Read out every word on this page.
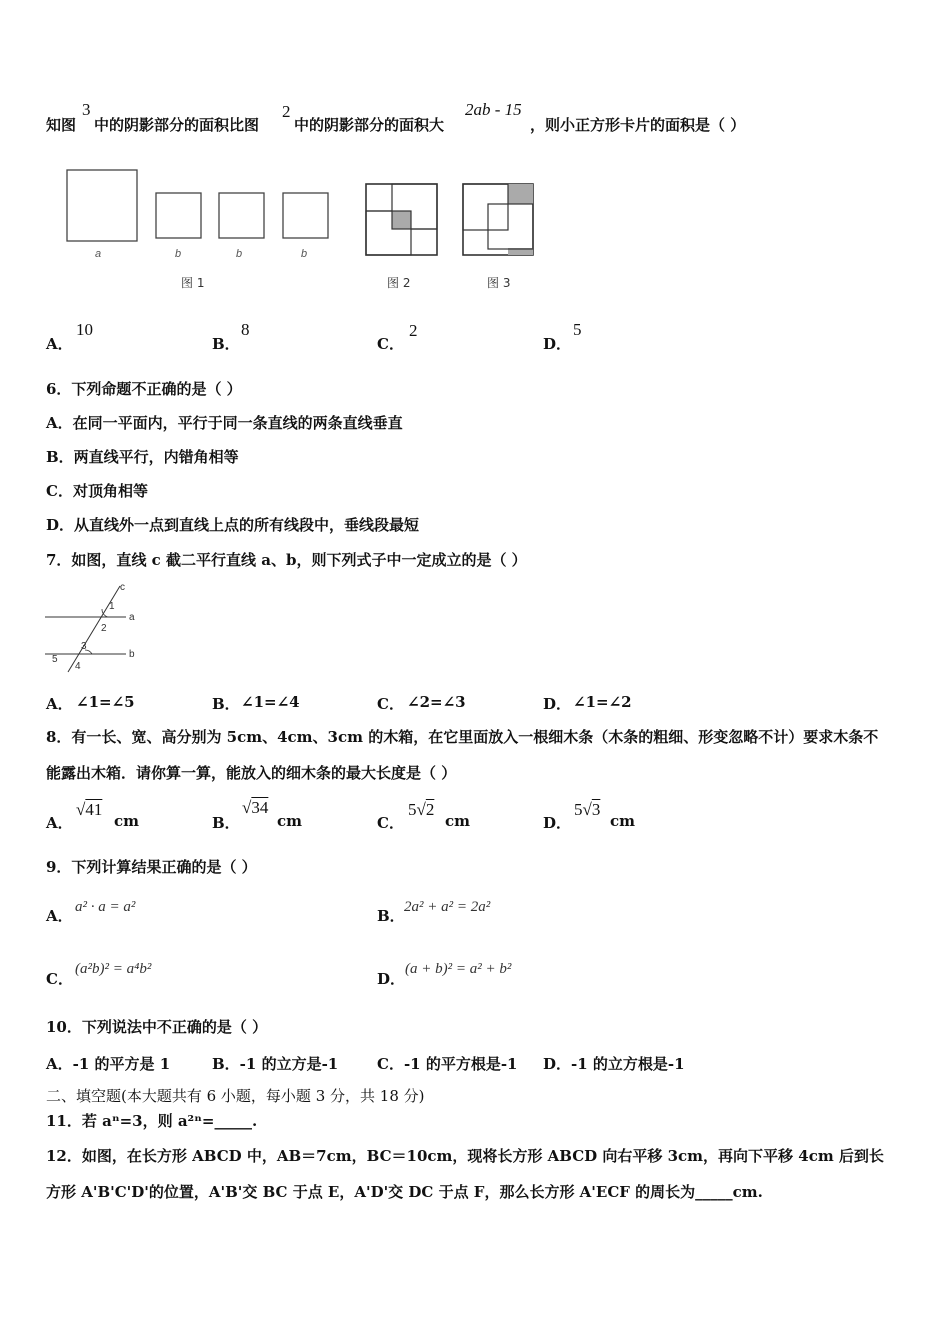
知图
3
中的阴影部分的面积比图
2
中的阴影部分的面积大
2ab - 15
，则小正方形卡片的面积是（ ）
a	b	b	b
图 1	图 2	图 3
A．
10
B．
8
C．
2
D．
5
6．下列命题不正确的是（ ）
A．在同一平面内，平行于同一条直线的两条直线垂直
B．两直线平行，内错角相等
C．对顶角相等
D．从直线外一点到直线上点的所有线段中，垂线段最短
7．如图，直线 c 截二平行直线 a、b，则下列式子中一定成立的是（ ）
c
a
b
1
2
3
4
5
A． ∠1=∠5	B． ∠1=∠4	C． ∠2=∠3	D． ∠1=∠2
8．有一长、宽、高分别为 5cm、4cm、3cm 的木箱，在它里面放入一根细木条（木条的粗细、形变忽略不计）要求木条不
能露出木箱．请你算一算，能放入的细木条的最大长度是（ ）
A．
√41
cm	B．
√34
cm	C．
5√2
cm	D．
5√3
cm
9．下列计算结果正确的是（ ）
A． a² · a = a²	B． 2a² + a² = 2a²
C．
(a²b)² = a⁴b²
D．
(a + b)² = a² + b²
10．下列说法中不正确的是（ ）
A．-1 的平方是 1	B．-1 的立方是-1	C．-1 的平方根是-1 D．-1 的立方根是-1
二、填空题(本大题共有 6 小题，每小题 3 分，共 18 分)
11．若 aⁿ=3，则 a²ⁿ=_____.
12．如图，在长方形 ABCD 中，AB＝7cm，BC＝10cm，现将长方形 ABCD 向右平移 3cm，再向下平移 4cm 后到长
方形 A'B'C'D'的位置，A'B'交 BC 于点 E，A'D'交 DC 于点 F，那么长方形 A'ECF 的周长为_____cm.
